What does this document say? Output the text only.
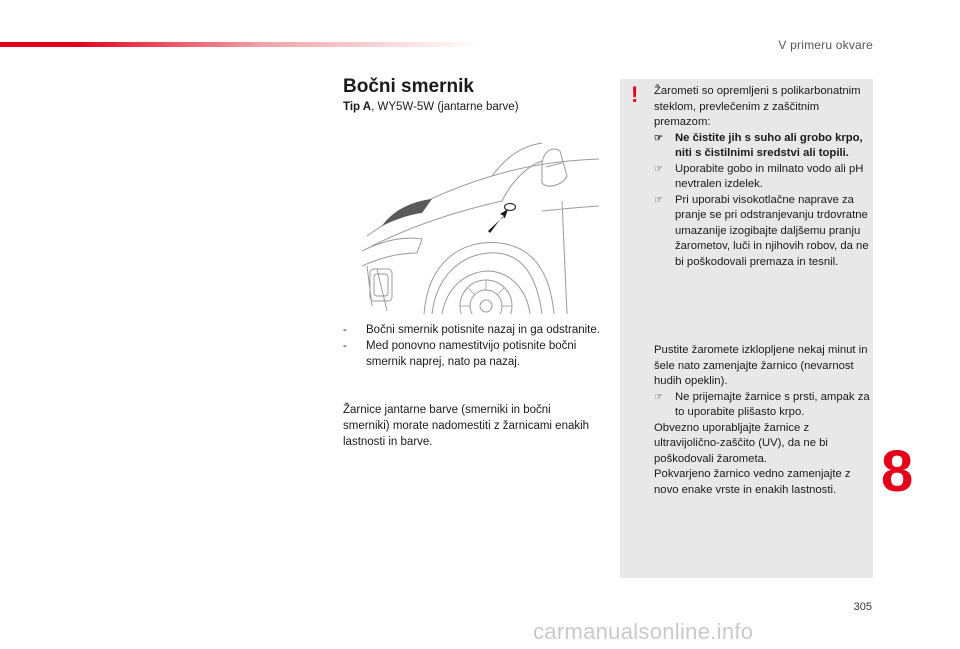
V primeru okvare
Bočni smernik
Tip A, WY5W-5W (jantarne barve)
- Bočni smernik potisnite nazaj in ga odstranite.
- Med ponovno namestitvijo potisnite bočni smernik naprej, nato pa nazaj.
Žarnice jantarne barve (smerniki in bočni smerniki) morate nadomestiti z žarnicami enakih lastnosti in barve.
! Žarometi so opremljeni s polikarbonatnim steklom, prevlečenim z zaščitnim premazom:

☞ Ne čistite jih s suho ali grobo krpo, niti s čistilnimi sredstvi ali topili.

☞ Uporabite gobo in milnato vodo ali pH nevtralen izdelek.

☞ Pri uporabi visokotlačne naprave za pranje se pri odstranjevanju trdovratne umazanije izogibajte daljšemu pranju žarometov, luči in njihovih robov, da ne bi poškodovali premaza in tesnil.

Pustite žaromete izklopljene nekaj minut in šele nato zamenjajte žarnico (nevarnost hudih opeklin).

☞ Ne prijemajte žarnice s prsti, ampak za to uporabite plišasto krpo.

Obvezno uporabljajte žarnice z ultravijolično-zaščito (UV), da ne bi poškodovali žarometa.

Pokvarjeno žarnico vedno zamenjajte z novo enake vrste in enakih lastnosti. 8
305
carmanualsonline.info
